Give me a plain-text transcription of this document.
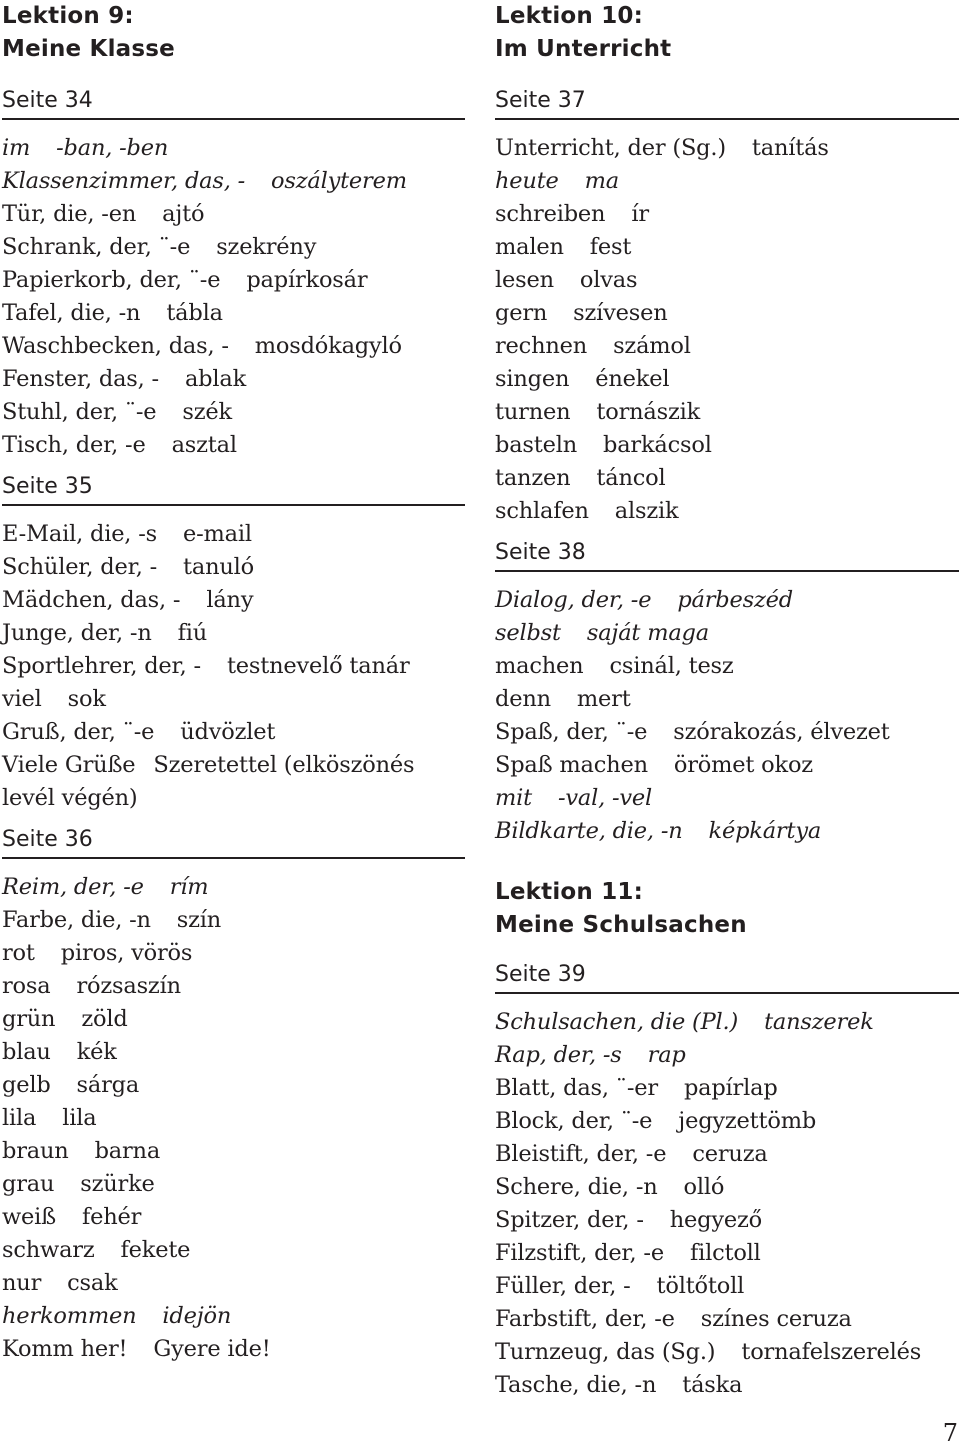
Lektion 9:
Meine Klasse
Seite 34
im -ban, -ben
Klassenzimmer, das, - oszályterem
Tür, die, -en ajtó
Schrank, der, ¨-e szekrény
Papierkorb, der, ¨-e papírkosár
Tafel, die, -n tábla
Waschbecken, das, - mosdókagyló
Fenster, das, - ablak
Stuhl, der, ¨-e szék
Tisch, der, -e asztal
Seite 35
E-Mail, die, -s e-mail
Schüler, der, - tanuló
Mädchen, das, - lány
Junge, der, -n fiú
Sportlehrer, der, - testnevelő tanár
viel sok
Gruß, der, ¨-e üdvözlet
Viele Grüße Szeretettel (elköszönés levél végén)
Seite 36
Reim, der, -e rím
Farbe, die, -n szín
rot piros, vörös
rosa rózsaszín
grün zöld
blau kék
gelb sárga
lila lila
braun barna
grau szürke
weiß fehér
schwarz fekete
nur csak
herkommen idejön
Komm her! Gyere ide!
Lektion 10:
Im Unterricht
Seite 37
Unterricht, der (Sg.) tanítás
heute ma
schreiben ír
malen fest
lesen olvas
gern szívesen
rechnen számol
singen énekel
turnen tornászik
basteln barkácsol
tanzen táncol
schlafen alszik
Seite 38
Dialog, der, -e párbeszéd
selbst saját maga
machen csinál, tesz
denn mert
Spaß, der, ¨-e szórakozás, élvezet
Spaß machen örömet okoz
mit -val, -vel
Bildkarte, die, -n képkártya
Lektion 11:
Meine Schulsachen
Seite 39
Schulsachen, die (Pl.) tanszerek
Rap, der, -s rap
Blatt, das, ¨-er papírlap
Block, der, ¨-e jegyzettömb
Bleistift, der, -e ceruza
Schere, die, -n olló
Spitzer, der, - hegyező
Filzstift, der, -e filctoll
Füller, der, - töltőtoll
Farbstift, der, -e színes ceruza
Turnzeug, das (Sg.) tornafelszerelés
Tasche, die, -n táska
7
